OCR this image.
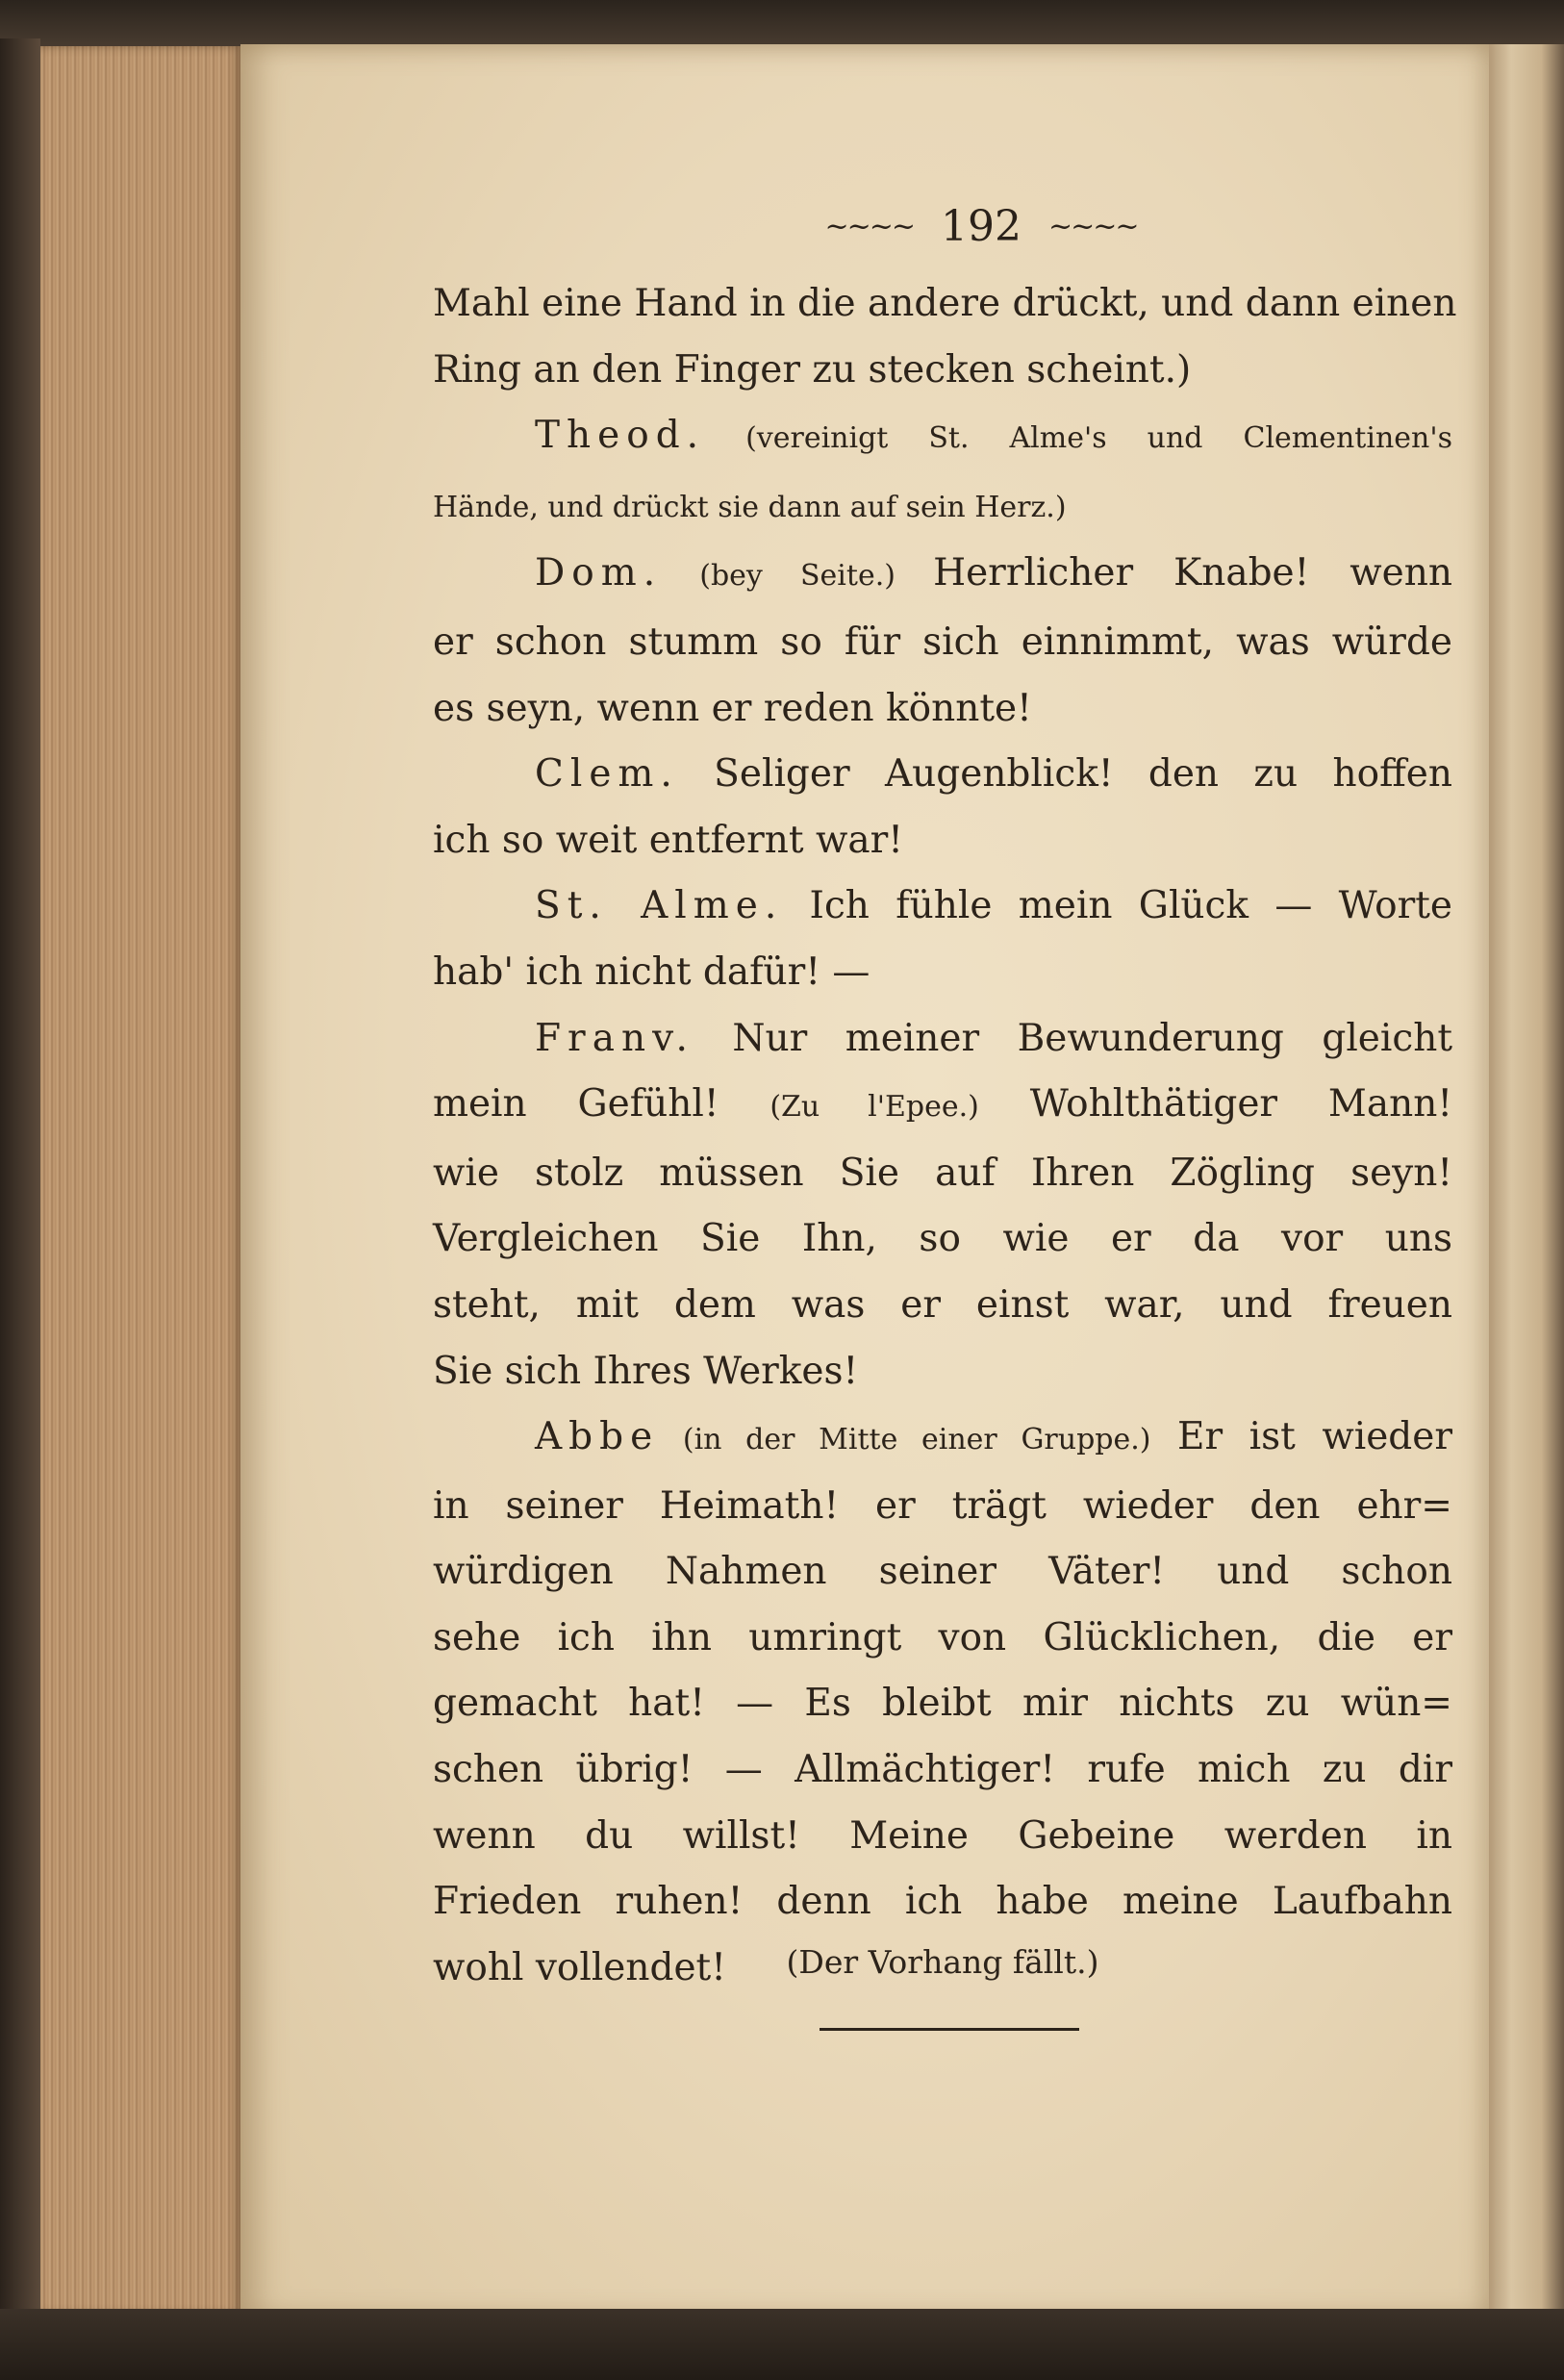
~~~~ 192 ~~~~
Mahl eine Hand in die andere drückt, und dann einen
Ring an den Finger zu stecken scheint.)
Theod. (vereinigt St. Alme's und Clementinen's
Hände, und drückt sie dann auf sein Herz.)
Dom. (bey Seite.) Herrlicher Knabe! wenn
er schon stumm so für sich einnimmt, was würde
es seyn, wenn er reden könnte!
Clem. Seliger Augenblick! den zu hoffen
ich so weit entfernt war!
St. Alme. Ich fühle mein Glück — Worte
hab' ich nicht dafür! —
Franv. Nur meiner Bewunderung gleicht
mein Gefühl! (Zu l'Epee.) Wohlthätiger Mann!
wie stolz müssen Sie auf Ihren Zögling seyn!
Vergleichen Sie Ihn, so wie er da vor uns
steht, mit dem was er einst war, und freuen
Sie sich Ihres Werkes!
Abbe (in der Mitte einer Gruppe.) Er ist wieder
in seiner Heimath! er trägt wieder den ehr=
würdigen Nahmen seiner Väter! und schon
sehe ich ihn umringt von Glücklichen, die er
gemacht hat! — Es bleibt mir nichts zu wün=
schen übrig! — Allmächtiger! rufe mich zu dir
wenn du willst! Meine Gebeine werden in
Frieden ruhen! denn ich habe meine Laufbahn
wohl vollendet!	(Der Vorhang fällt.)
